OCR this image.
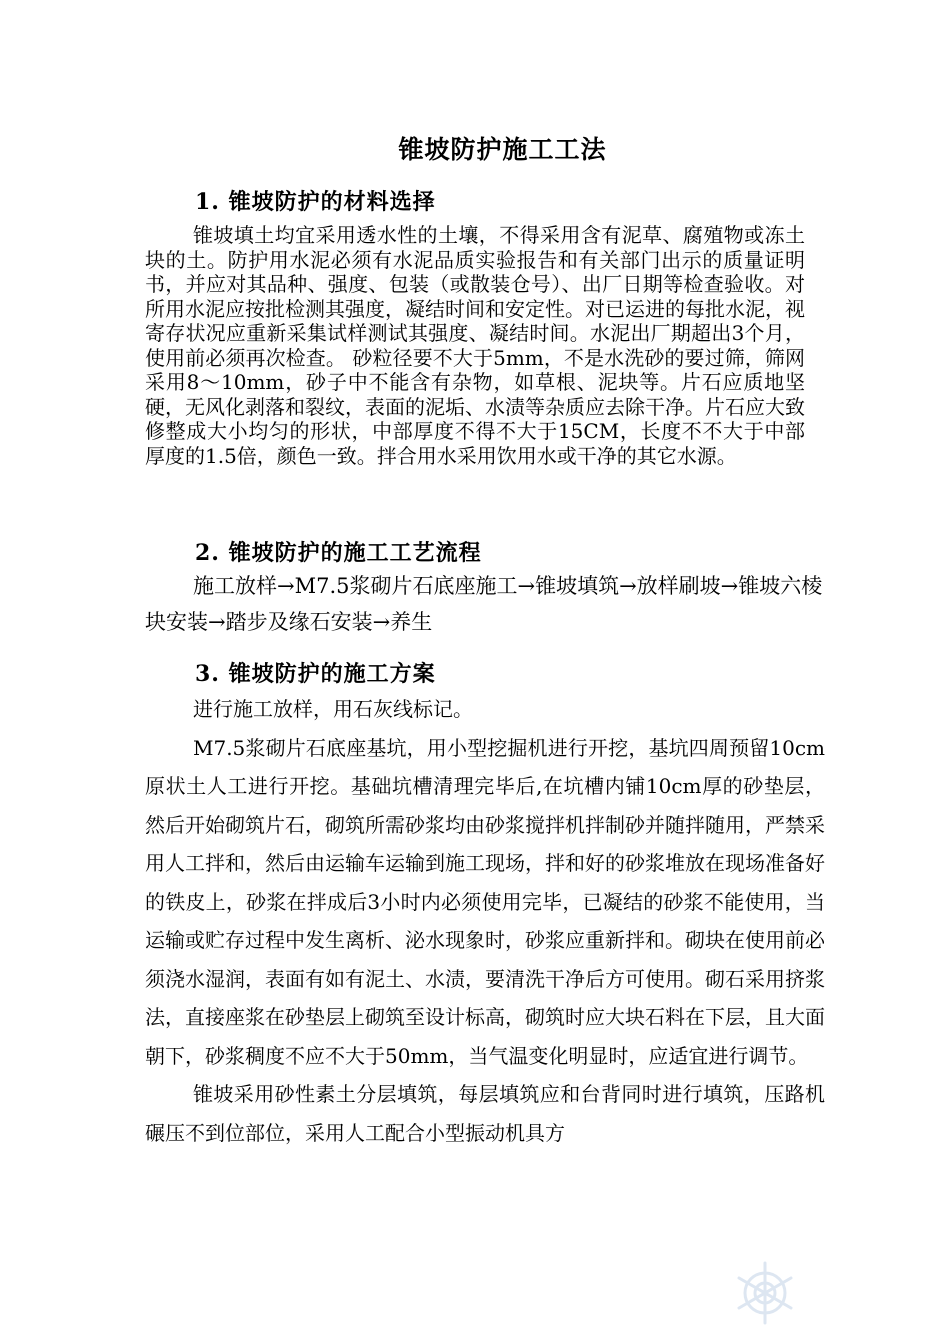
锥坡防护施工工法
1. 锥坡防护的材料选择

锥坡填土均宜采用透水性的土壤，不得采用含有泥草、腐殖物或冻土块的土。防护用水泥必须有水泥品质实验报告和有关部门出示的质量证明书，并应对其品种、强度、包装（或散装仓号）、出厂日期等检查验收。对所用水泥应按批检测其强度，凝结时间和安定性。对已运进的每批水泥，视寄存状况应重新采集试样测试其强度、凝结时间。水泥出厂期超出3个月，使用前必须再次检查。 砂粒径要不大于5mm，不是水洗砂的要过筛，筛网采用8～10mm，砂子中不能含有杂物，如草根、泥块等。片石应质地坚硬，无风化剥落和裂纹，表面的泥垢、水渍等杂质应去除干净。片石应大致修整成大小均匀的形状，中部厚度不得不大于15CM，长度不不大于中部厚度的1.5倍，颜色一致。拌合用水采用饮用水或干净的其它水源。

2. 锥坡防护的施工工艺流程

施工放样→M7.5浆砌片石底座施工→锥坡填筑→放样刷坡→锥坡六棱块安装→踏步及缘石安装→养生

3. 锥坡防护的施工方案

进行施工放样，用石灰线标记。

M7.5浆砌片石底座基坑，用小型挖掘机进行开挖，基坑四周预留10cm原状土人工进行开挖。基础坑槽清理完毕后,在坑槽内铺10cm厚的砂垫层，然后开始砌筑片石，砌筑所需砂浆均由砂浆搅拌机拌制砂并随拌随用，严禁采用人工拌和，然后由运输车运输到施工现场，拌和好的砂浆堆放在现场准备好的铁皮上，砂浆在拌成后3小时内必须使用完毕，已凝结的砂浆不能使用，当运输或贮存过程中发生离析、泌水现象时，砂浆应重新拌和。砌块在使用前必须浇水湿润，表面有如有泥土、水渍，要清洗干净后方可使用。砌石采用挤浆法，直接座浆在砂垫层上砌筑至设计标高，砌筑时应大块石料在下层，且大面朝下，砂浆稠度不应不大于50mm，当气温变化明显时，应适宜进行调节。

锥坡采用砂性素土分层填筑，每层填筑应和台背同时进行填筑，压路机碾压不到位部位，采用人工配合小型振动机具方
